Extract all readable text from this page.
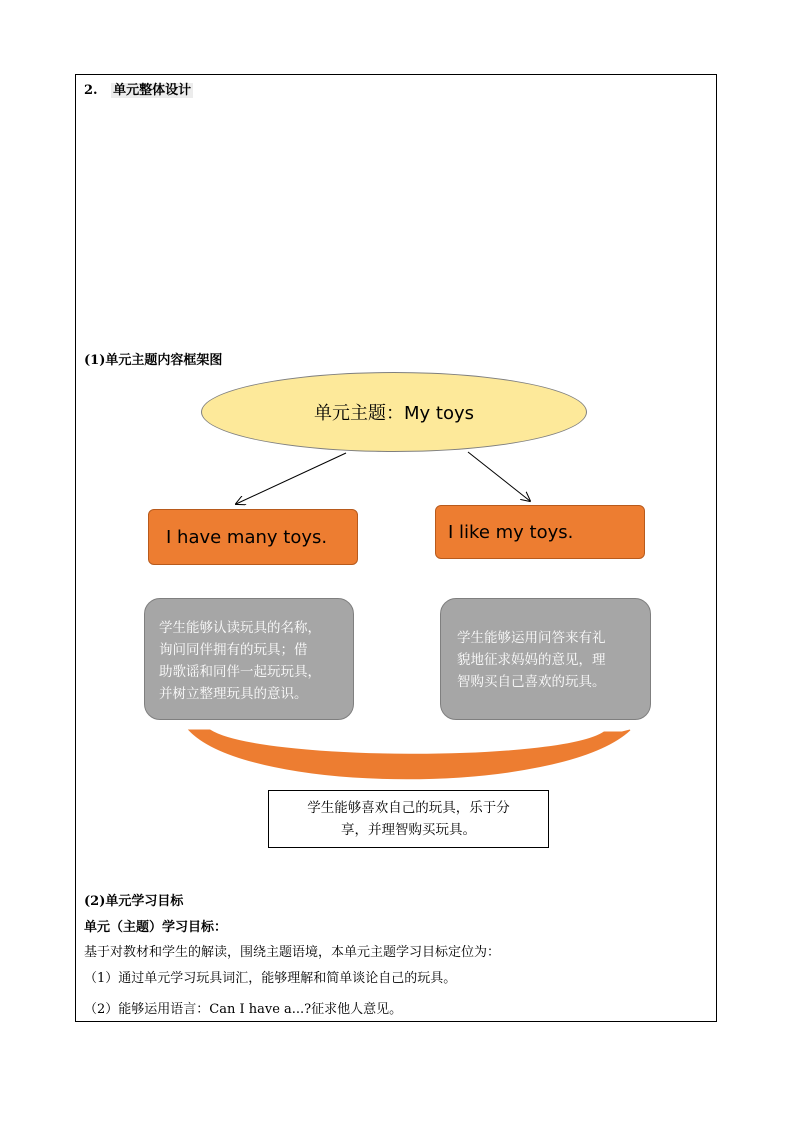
2. 单元整体设计
(1)单元主题内容框架图
单元主题：My toys
I have many toys.	I like my toys.
学生能够认读玩具的名称，
询问同伴拥有的玩具；借
助歌谣和同伴一起玩玩具，
并树立整理玩具的意识。
学生能够运用问答来有礼
貌地征求妈妈的意见，理
智购买自己喜欢的玩具。
学生能够喜欢自己的玩具，乐于分
享，并理智购买玩具。
(2)单元学习目标
单元（主题）学习目标：
基于对教材和学生的解读，围绕主题语境，本单元主题学习目标定位为：
（1）通过单元学习玩具词汇，能够理解和简单谈论自己的玩具。
（2）能够运用语言：Can I have a...?征求他人意见。
